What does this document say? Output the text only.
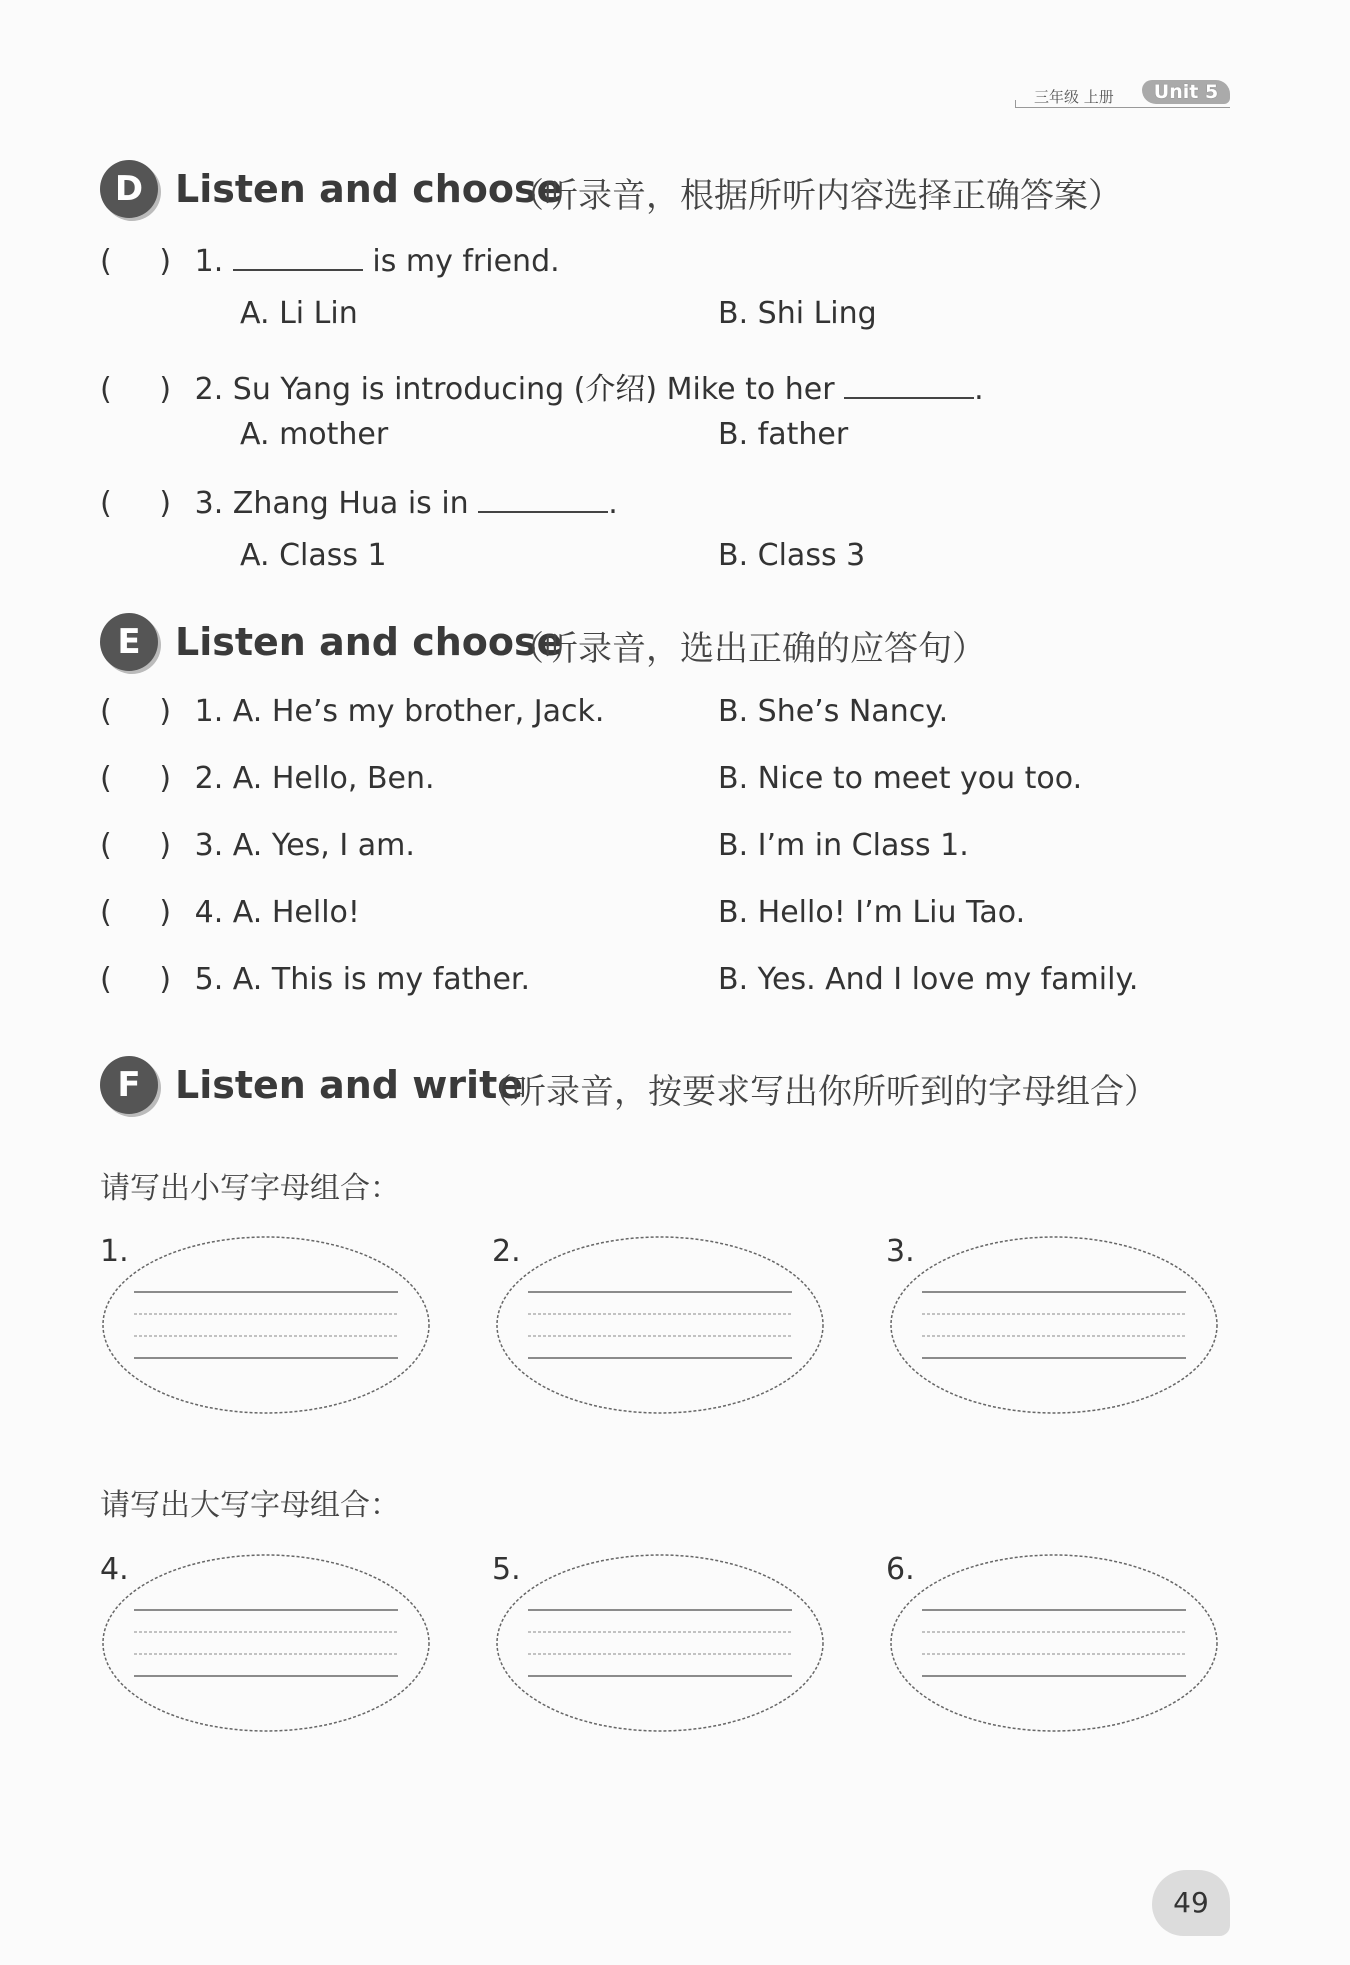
三年级 上册	Unit 5
D Listen and choose
（听录音，根据所听内容选择正确答案）
(     ) 1.	is my friend.
A. Li Lin	B. Shi Ling
(     ) 2. Su Yang is introducing (介绍) Mike to her	.
A. mother	B. father
(     ) 3. Zhang Hua is in	.
A. Class 1	B. Class 3
E Listen and choose
（听录音，选出正确的应答句）
(     ) 1. A. He’s my brother, Jack.	B. She’s Nancy.
(     ) 2. A. Hello, Ben.	B. Nice to meet you too.
(     ) 3. A. Yes, I am.	B. I’m in Class 1.
(     ) 4. A. Hello!	B. Hello! I’m Liu Tao.
(     ) 5. A. This is my father.	B. Yes. And I love my family.
F Listen and write
（听录音，按要求写出你所听到的字母组合）
请写出小写字母组合：
请写出大写字母组合：
1.	2.	3.
4.	5.	6.
49
